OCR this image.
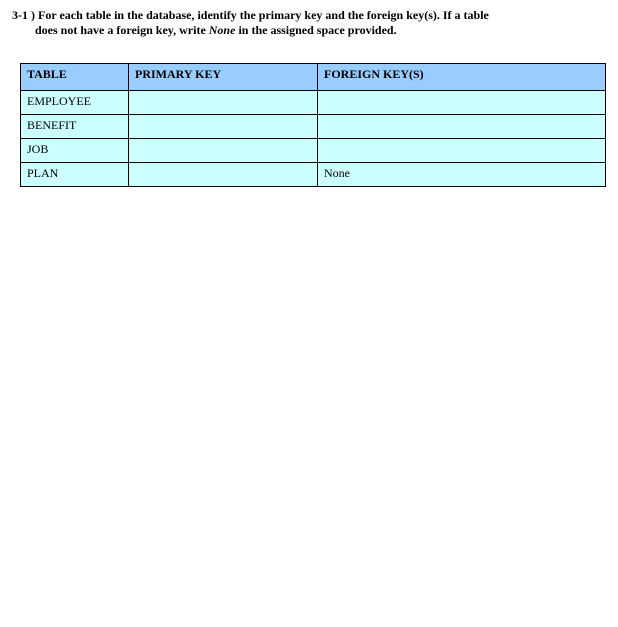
3-1 ) For each table in the database, identify the primary key and the foreign key(s). If a table
does not have a foreign key, write None in the assigned space provided.
TABLE	PRIMARY KEY	FOREIGN KEY(S)
EMPLOYEE		
BENEFIT		
JOB		
PLAN		None
